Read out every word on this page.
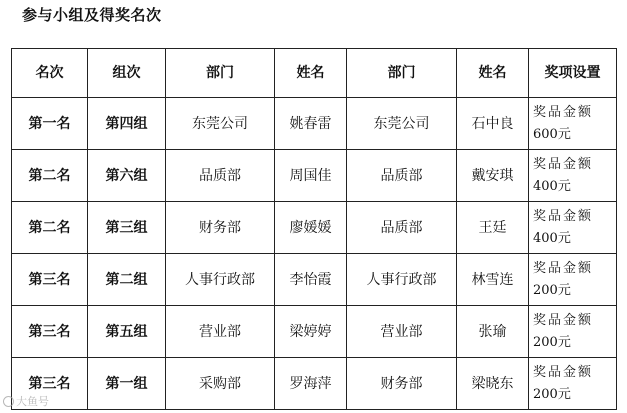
参与小组及得奖名次
名次	组次	部门	姓名	部门	姓名	奖项设置
第一名	第四组	东莞公司	姚春雷	东莞公司	石中良	奖品金额
600元

第二名	第六组	品质部	周国佳	品质部	戴安琪	奖品金额
400元

第二名	第三组	财务部	廖媛媛	品质部	王廷	奖品金额
400元

第三名	第二组	人事行政部	李怡霞	人事行政部	林雪连	奖品金额
200元

第三名	第五组	营业部	梁婷婷	营业部	张瑜	奖品金额
200元

第三名	第一组	采购部	罗海萍	财务部	梁晓东	奖品金额
200元
大鱼号
